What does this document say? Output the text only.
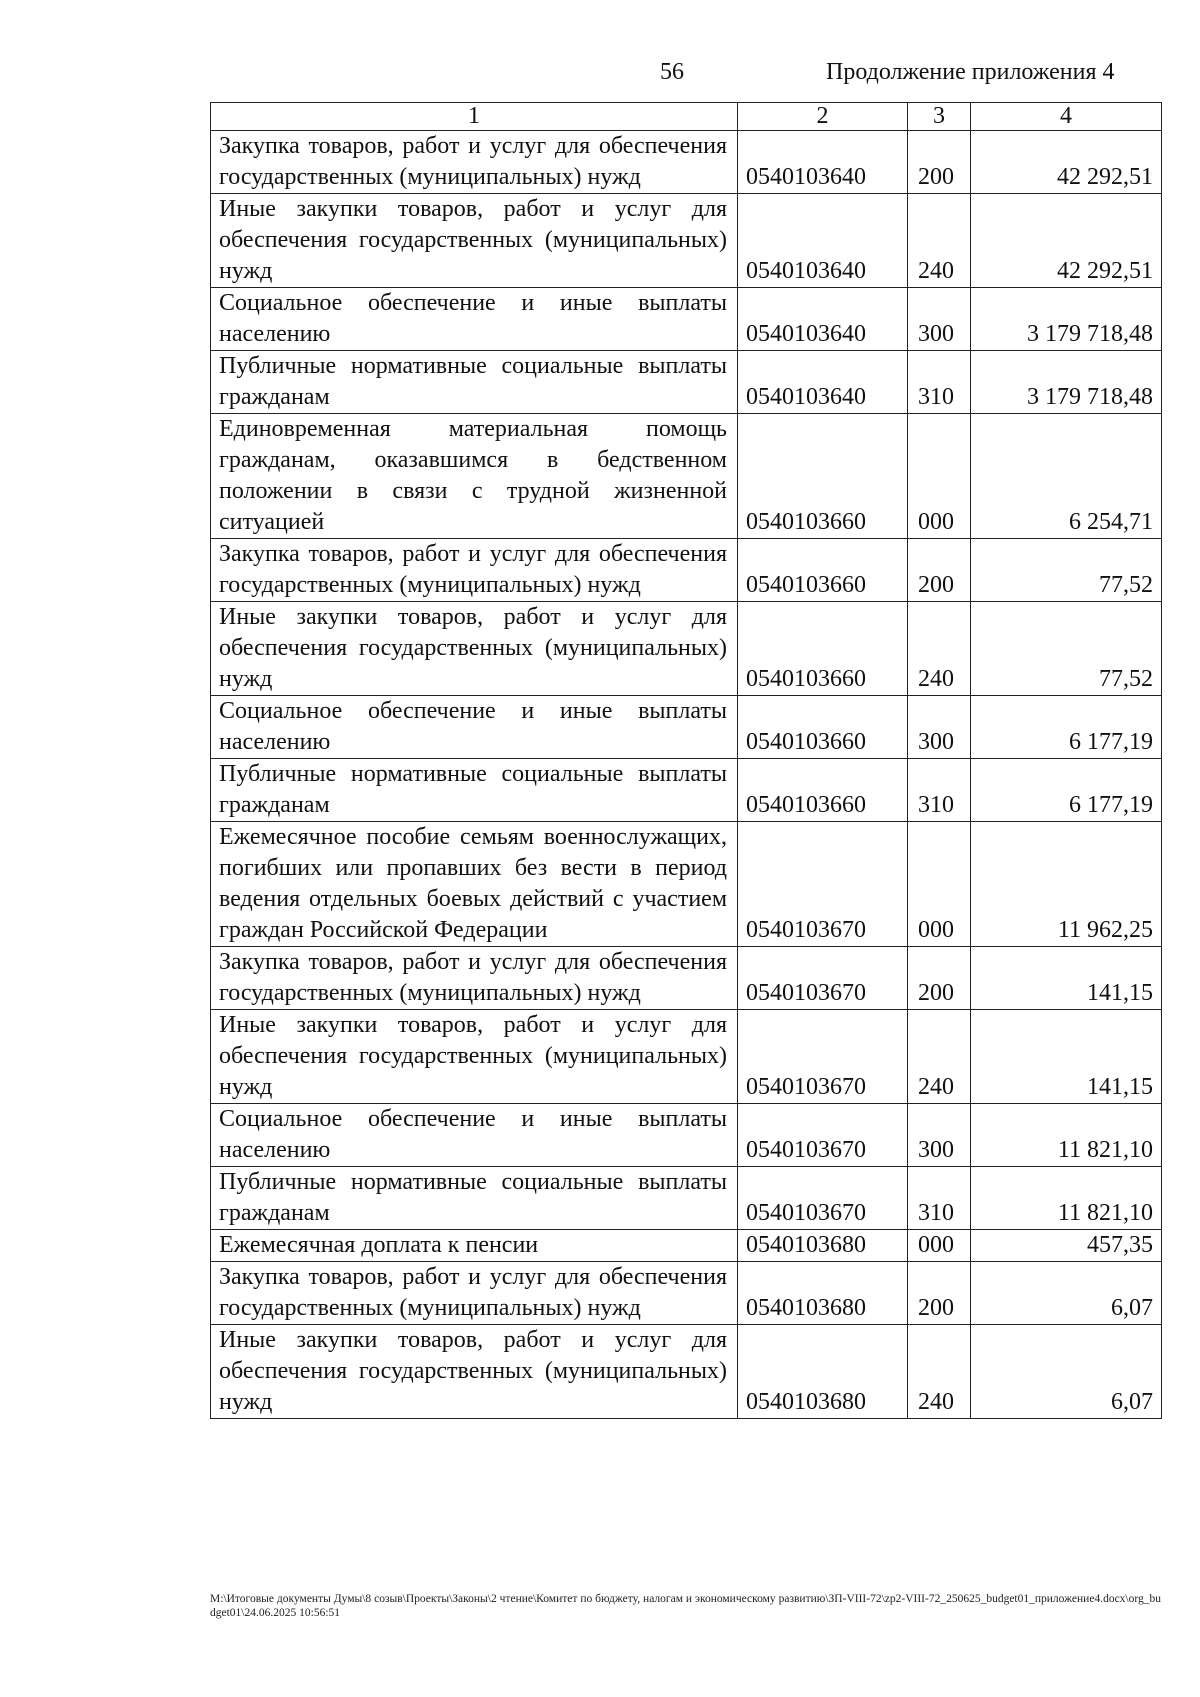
56	Продолжение приложения 4
1	2	3	4
Закупка товаров, работ и услуг для обеспечения государственных (муниципальных) нужд	0540103640	200	42 292,51
Иные закупки товаров, работ и услуг для обеспечения государственных (муниципальных) нужд	0540103640	240	42 292,51
Социальное обеспечение и иные выплаты населению	0540103640	300	3 179 718,48
Публичные нормативные социальные выплаты гражданам	0540103640	310	3 179 718,48
Единовременная материальная помощь гражданам, оказавшимся в бедственном положении в связи с трудной жизненной ситуацией	0540103660	000	6 254,71
Закупка товаров, работ и услуг для обеспечения государственных (муниципальных) нужд	0540103660	200	77,52
Иные закупки товаров, работ и услуг для обеспечения государственных (муниципальных) нужд	0540103660	240	77,52
Социальное обеспечение и иные выплаты населению	0540103660	300	6 177,19
Публичные нормативные социальные выплаты гражданам	0540103660	310	6 177,19
Ежемесячное пособие семьям военнослужащих, погибших или пропавших без вести в период ведения отдельных боевых действий с участием граждан Российской Федерации	0540103670	000	11 962,25
Закупка товаров, работ и услуг для обеспечения государственных (муниципальных) нужд	0540103670	200	141,15
Иные закупки товаров, работ и услуг для обеспечения государственных (муниципальных) нужд	0540103670	240	141,15
Социальное обеспечение и иные выплаты населению	0540103670	300	11 821,10
Публичные нормативные социальные выплаты гражданам	0540103670	310	11 821,10
Ежемесячная доплата к пенсии	0540103680	000	457,35
Закупка товаров, работ и услуг для обеспечения государственных (муниципальных) нужд	0540103680	200	6,07
Иные закупки товаров, работ и услуг для обеспечения государственных (муниципальных) нужд	0540103680	240	6,07
M:\Итоговые документы Думы\8 созыв\Проекты\Законы\2 чтение\Комитет по бюджету, налогам и экономическому развитию\ЗП-VIII-72\zp2-VIII-72_250625_budget01_приложение4.docx\org_budget01\24.06.2025 10:56:51
